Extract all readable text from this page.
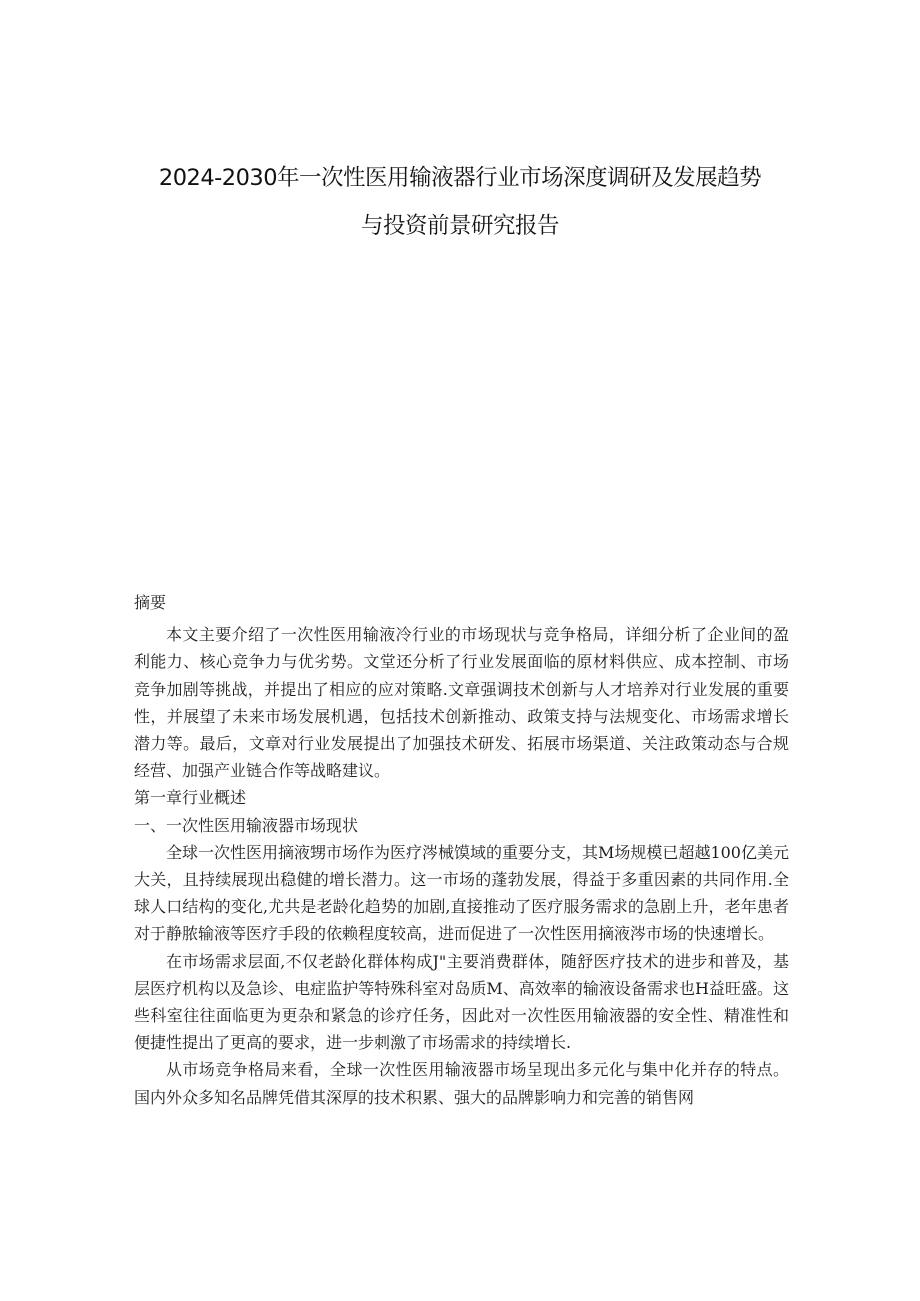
2024-2030年一次性医用输液器行业市场深度调研及发展趋势
与投资前景研究报告

摘要

本文主要介绍了一次性医用输液冷行业的市场现状与竞争格局，详细分析了企业间的盈利能力、核心竞争力与优劣势。文堂还分析了行业发展面临的原材料供应、成本控制、市场竞争加剧等挑战，并提出了相应的应对策略.文章强调技术创新与人才培养对行业发展的重要性，并展望了未来市场发展机遇，包括技术创新推动、政策支持与法规变化、市场需求增长潜力等。最后，文章对行业发展提出了加强技术研发、拓展市场渠道、关注政策动态与合规经营、加强产业链合作等战略建议。

第一章行业概述

一、一次性医用输液器市场现状

全球一次性医用摘液甥市场作为医疗涔械馍域的重要分支，其M场规模已超越100亿美元大关，且持续展现出稳健的增长潜力。这一市场的蓬勃发展，得益于多重因素的共同作用.全球人口结构的变化,尤共是老龄化趋势的加剧,直接推动了医疗服务需求的急剧上升，老年患者对于静脓输液等医疗手段的依赖程度较高，进而促进了一次性医用摘液涔市场的快速增长。

在市场需求层面,不仅老龄化群体构成J"主要消费群体，随舒医疗技术的进步和普及，基层医疗机构以及急诊、电症监护等特殊科室对岛质M、高效率的输液设备需求也H益旺盛。这些科室往往面临更为更杂和紧急的诊疗任务，因此对一次性医用输液器的安全性、精准性和便捷性提出了更高的要求，进一步刺激了市场需求的持续增长.

从市场竞争格局来看，全球一次性医用输液器市场呈现出多元化与集中化并存的特点。国内外众多知名品牌凭借其深厚的技术积累、强大的品牌影响力和完善的销售网
